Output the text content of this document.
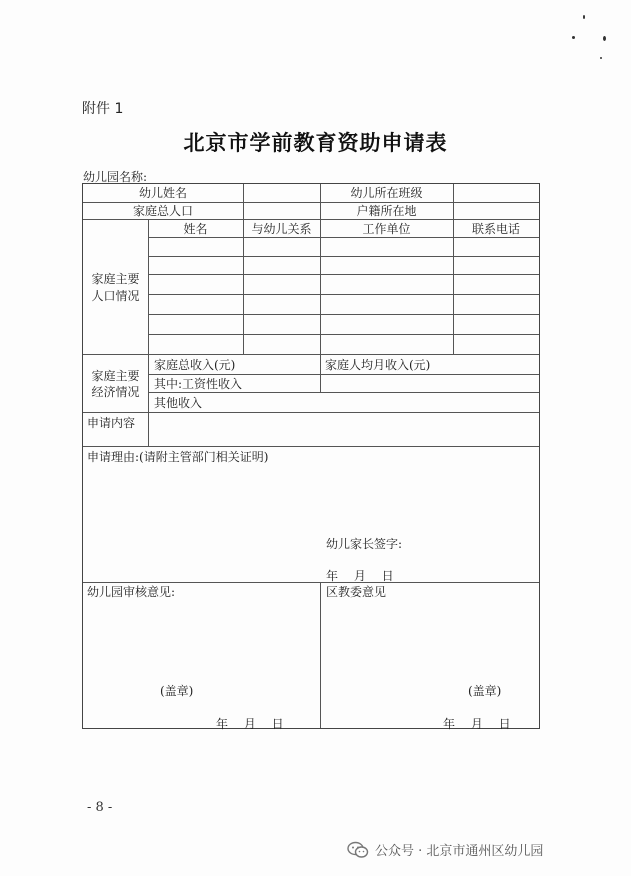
附件 1
北京市学前教育资助申请表
幼儿园名称:
幼儿姓名	幼儿所在班级
家庭总人口	户籍所在地
家庭主要
人口情况
姓名	与幼儿关系	工作单位	联系电话
家庭主要
经济情况
家庭总收入(元)	家庭人均月收入(元)
其中:工资性收入
其他收入
申请内容
申请理由:(请附主管部门相关证明)
幼儿家长签字:
年 月 日
幼儿园审核意见:
(盖章)
年 月 日
区教委意见
(盖章)
年 月 日
- 8 -
公众号 · 北京市通州区幼儿园
